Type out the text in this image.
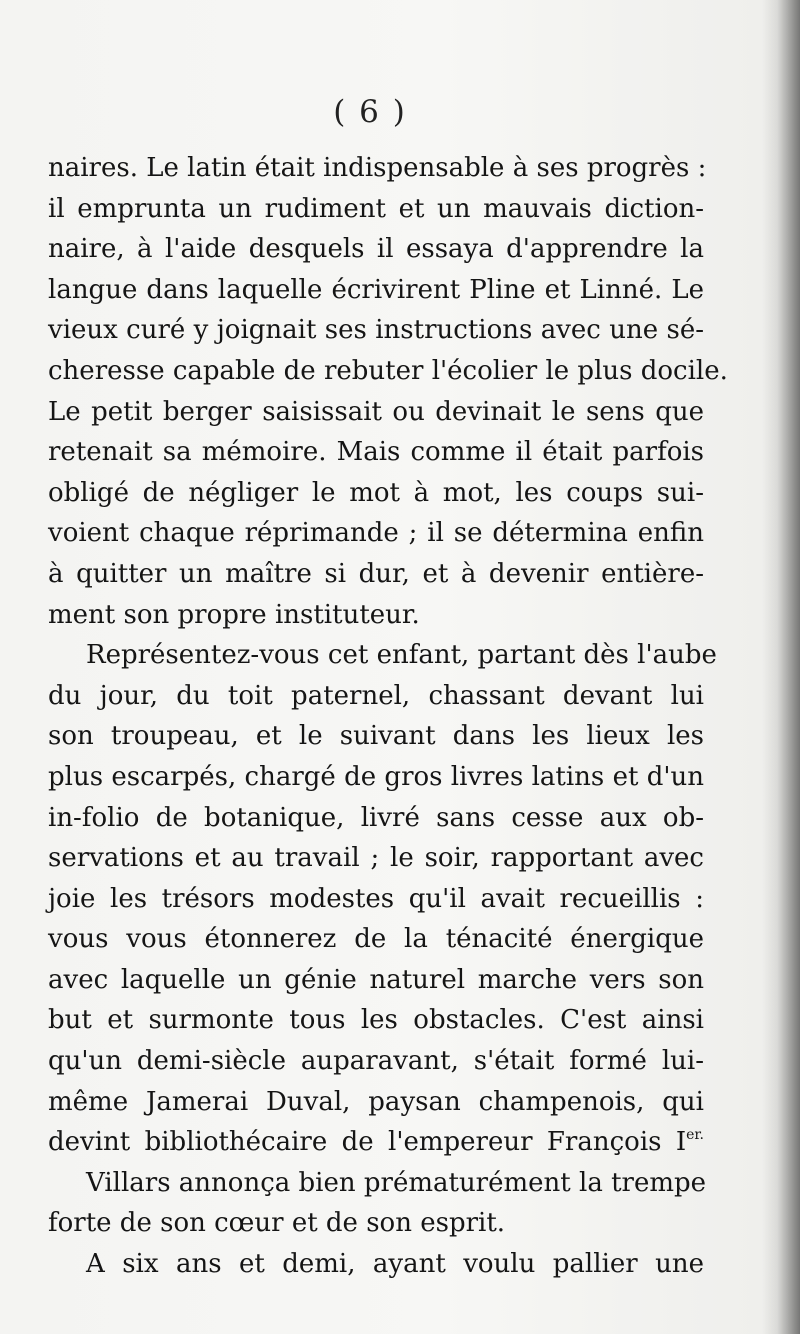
( 6 )
naires. Le latin était indispensable à ses progrès :
il emprunta un rudiment et un mauvais diction-
naire, à l'aide desquels il essaya d'apprendre la
langue dans laquelle écrivirent Pline et Linné. Le
vieux curé y joignait ses instructions avec une sé-
cheresse capable de rebuter l'écolier le plus docile.
Le petit berger saisissait ou devinait le sens que
retenait sa mémoire. Mais comme il était parfois
obligé de négliger le mot à mot, les coups sui-
voient chaque réprimande ; il se détermina enfin
à quitter un maître si dur, et à devenir entière-
ment son propre instituteur.
Représentez-vous cet enfant, partant dès l'aube
du jour, du toit paternel, chassant devant lui
son troupeau, et le suivant dans les lieux les
plus escarpés, chargé de gros livres latins et d'un
in-folio de botanique, livré sans cesse aux ob-
servations et au travail ; le soir, rapportant avec
joie les trésors modestes qu'il avait recueillis :
vous vous étonnerez de la ténacité énergique
avec laquelle un génie naturel marche vers son
but et surmonte tous les obstacles. C'est ainsi
qu'un demi-siècle auparavant, s'était formé lui-
même Jamerai Duval, paysan champenois, qui
devint bibliothécaire de l'empereur François $I^{er.}$
Villars annonça bien prématurément la trempe
forte de son cœur et de son esprit.
A six ans et demi, ayant voulu pallier une
